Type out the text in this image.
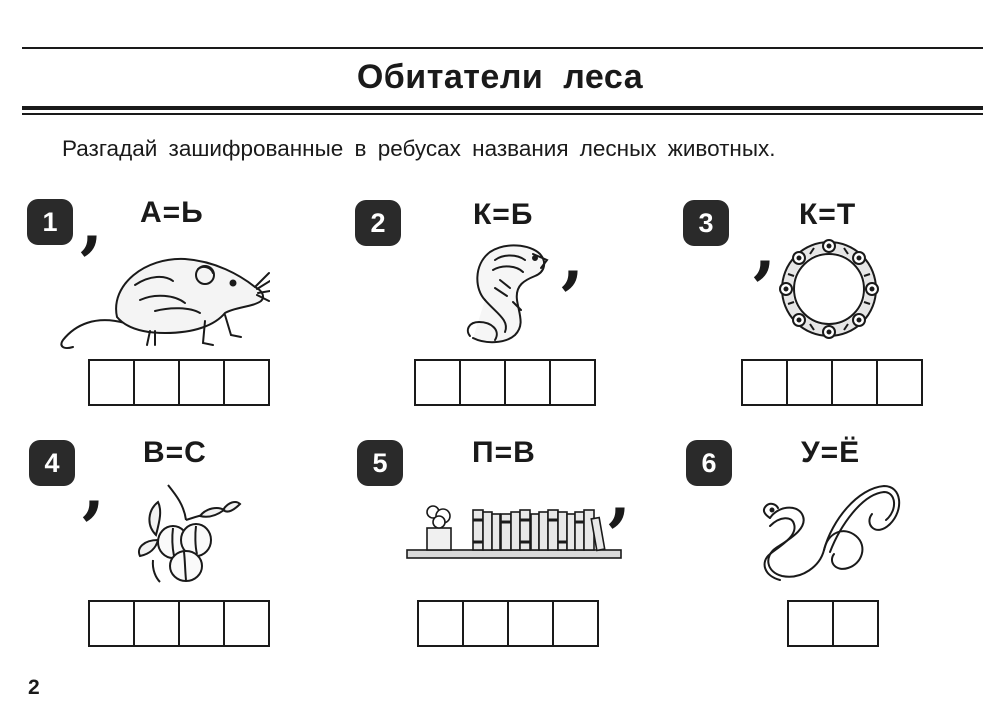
Обитатели леса
Разгадай зашифрованные в ребусах названия лесных животных.
1 , А=Ь	2	К=Б
,	3 , К=Т
4 , В=С	5	П=В
,	6	У=Ё
2
